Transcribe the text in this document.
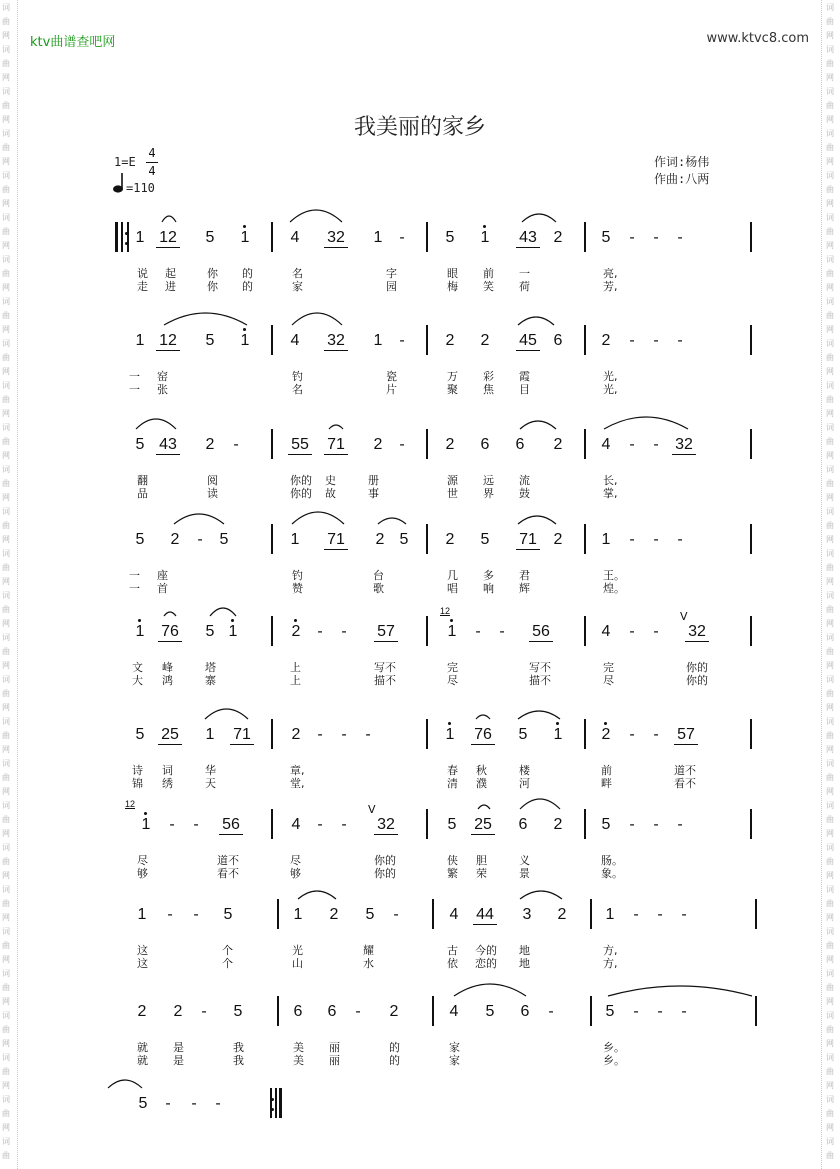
词
曲
网
词
曲
网
词
曲
网
词
曲
网
词
曲
网
词
曲
网
词
曲
网
词
曲
网
词
曲
网
词
曲
网
词
曲
网
词
曲
网
词
曲
网
词
曲
网
词
曲
网
词
曲
网
词
曲
网
词
曲
网
词
曲
网
词
曲
网
词
曲
网
词
曲
网
词
曲
网
词
曲
网
词
曲
网
词
曲
网
词
曲
网
词
曲
词
曲
网
词
曲
网
词
曲
网
词
曲
网
词
曲
网
词
曲
网
词
曲
网
词
曲
网
词
曲
网
词
曲
网
词
曲
网
词
曲
网
词
曲
网
词
曲
网
词
曲
网
词
曲
网
词
曲
网
词
曲
网
词
曲
网
词
曲
网
词
曲
网
词
曲
网
词
曲
网
词
曲
网
词
曲
网
词
曲
网
词
曲
网
词
曲
ktv曲谱查吧网	www.ktvc8.com
我美丽的家乡
1=E
4
4
=110
作词:杨伟
作曲:八两
1 12	5	1	4	32	1	-	5	1	43	2	5	-	-	-
说 起	你 的	名	字	眼 前 一	亮,
走 进	你 的	家	园	梅 笑 荷	芳,
1 12	5	1	4	32	1	-	2	2	45	6	2	-	-	-
一 窑	钓	瓷	万 彩 霞	光,
一 张	名	片	聚 焦 目	光,
5 43	2	-	55 71	2	-	2	6	6	2	4	-	-	32
翻	阅	你的 史	册	源 远 流	长,
品	读	你的 故	事	世 界 鼓	掌,
5	2	-	5	1	71	2 5	2	5	71	2	1	-	-	-
一 座	钓	台	几 多 君	王。
一 首	赞	歌	唱 响 辉	煌。
1	76	5 1	2	-	-	57	1	-	-	56	4	-	-	32
文 峰	塔	上	写不	完	写不	完	你的
大 鸿	寨	上	描不	尽	描不	尽	你的
5	25	1	71	2	-	-	-	1	76	5	1	2	-	-	57
诗 词	华	章,	春 秋	楼	前	道不
锦 绣	天	堂,	清 濮	河	畔	看不
1	-	-	56	4	-	-	32	5	25	6	2	5	-	-	-
尽	道不	尽	你的	侠 胆	义	肠。
够	看不	够	你的	繁 荣	景	象。
1	-	-	5	1	2	5	-	4	44	3	2	1	-	-	-
这	个	光	耀	古 今的 地	方,
这	个	山	水	依 恋的 地	方,
2	2	-	5	6	6	-	2	4	5	6	-	5	-	-	-
就 是	我	美 丽	的	家	乡。
就 是	我	美 丽	的	家	乡。
5	-	-	-
12
12
V
V
